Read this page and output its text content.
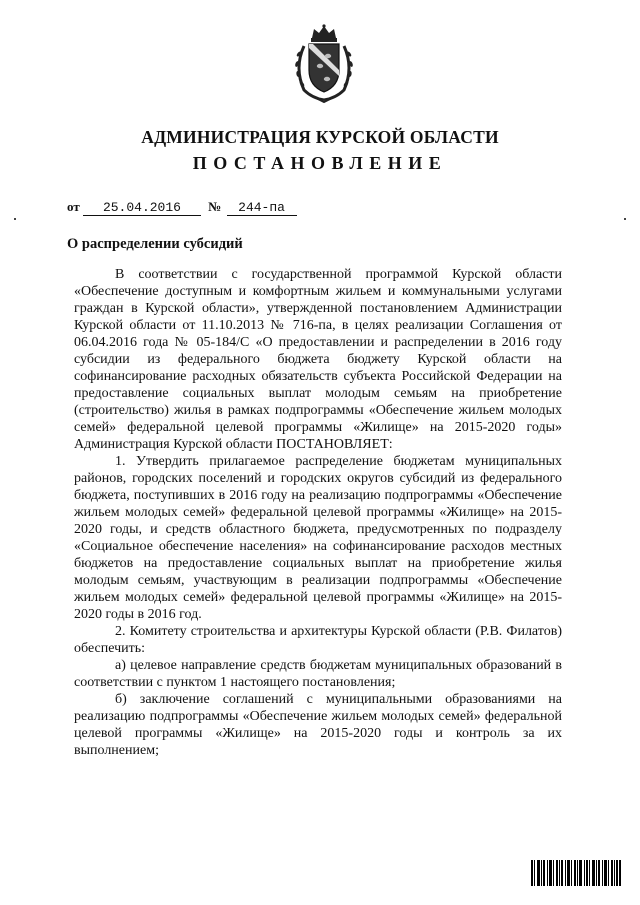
АДМИНИСТРАЦИЯ КУРСКОЙ ОБЛАСТИ
ПОСТАНОВЛЕНИЕ
от 25.04.2016 № 244-па
О распределении субсидий

В соответствии с государственной программой Курской области «Обеспечение доступным и комфортным жильем и коммунальными услугами граждан в Курской области», утвержденной постановлением Администрации Курской области от 11.10.2013 № 716-па, в целях реализации Соглашения от 06.04.2016 года № 05-184/С «О предоставлении и распределении в 2016 году субсидии из федерального бюджета бюджету Курской области на софинансирование расходных обязательств субъекта Российской Федерации на предоставление социальных выплат молодым семьям на приобретение (строительство) жилья в рамках подпрограммы «Обеспечение жильем молодых семей» федеральной целевой программы «Жилище» на 2015-2020 годы» Администрация Курской области ПОСТАНОВЛЯЕТ:

1. Утвердить прилагаемое распределение бюджетам муниципальных районов, городских поселений и городских округов субсидий из федерального бюджета, поступивших в 2016 году на реализацию подпрограммы «Обеспечение жильем молодых семей» федеральной целевой программы «Жилище» на 2015-2020 годы, и средств областного бюджета, предусмотренных по подразделу «Социальное обеспечение населения» на софинансирование расходов местных бюджетов на предоставление социальных выплат на приобретение жилья молодым семьям, участвующим в реализации подпрограммы «Обеспечение жильем молодых семей» федеральной целевой программы «Жилище» на 2015-2020 годы в 2016 год.

2. Комитету строительства и архитектуры Курской области (Р.В. Филатов) обеспечить:

а) целевое направление средств бюджетам муниципальных образований в соответствии с пунктом 1 настоящего постановления;

б) заключение соглашений с муниципальными образованиями на реализацию подпрограммы «Обеспечение жильем молодых семей» федеральной целевой программы «Жилище» на 2015-2020 годы и контроль за их выполнением;
